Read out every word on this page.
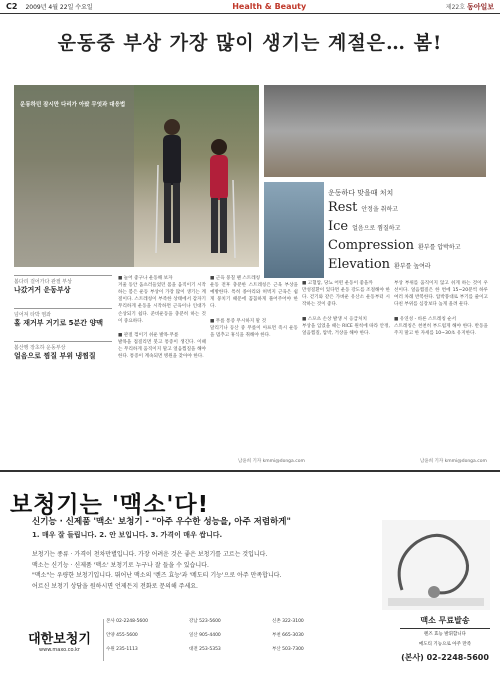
C2 2009년 4월 22일 수요일	Health & Beauty	제22호 동아일보
운동중 부상 가장 많이 생기는 계절은… 봄!
운동하던 잠시만 다리가 아팠 무엇과 대응법
봄다리 걸어가다 관절 부상
나갔거거 운동부상
넘어져 타박 염좌
홀 재거부 거기로 5분간 양맥
봄산행 장초하 운동부상
얼음으로 찜질 부위 냉찜질
■ 늘어 좋구나 운동해 보자
겨울 동안 움츠러들었던 몸을 움직이기 시작하는 봄은 운동 부상이 가장 많이 생기는 계절이다. 스트레칭이 부족한 상태에서 갑자기 무리하게 운동을 시작하면 근육이나 인대가 손상되기 쉽다. 준비운동을 충분히 하는 것이 중요하다.

■ 관절 꺾이기 쉬운 발목·무릎
발목을 접질리면 붓고 통증이 생긴다. 이때는 무리하게 움직이지 말고 얼음찜질을 해야 한다. 통증이 계속되면 병원을 찾아야 한다.
■ 근육 뭉칠 땐 스트레칭
운동 전후 충분한 스트레칭은 근육 부상을 예방한다. 특히 종아리와 허벅지 근육은 쉽게 뭉치기 때문에 꼼꼼하게 풀어주어야 한다.

■ 무릎 통증 무시하지 말 것
달리기나 등산 중 무릎이 아프면 즉시 운동을 멈추고 휴식을 취해야 한다.
■ 고혈압, 당뇨 어떤 운동이 좋을까
만성질환이 있다면 운동 강도를 조절해야 한다. 걷기와 같은 가벼운 유산소 운동부터 시작하는 것이 좋다.

■ 스포츠 손상 발생 시 응급처치
부상을 입었을 때는 RICE 원칙에 따라 안정, 얼음찜질, 압박, 거상을 해야 한다.
부상 부위를 움직이지 않고 쉬게 하는 것이 우선이다. 얼음찜질은 한 번에 15~20분씩 하루 여러 차례 반복한다. 압박붕대로 부기를 줄이고 다친 부위를 심장보다 높게 올려 둔다.

■ 유연성 - 바른 스트레칭 순서
스트레칭은 천천히 부드럽게 해야 한다. 반동을 주지 말고 한 자세를 10~30초 유지한다.
남윤희 기자 kmmi@donga.com	남윤희 기자 kmmi@donga.com
운동하다 맞을때 처치
Rest 안정을 취하고
Ice 얼음으로 찜질하고
Compression 환부를 압박하고
Elevation 환부를 높여라
보청기는 '맥소'다!
신기능 · 신제품 '맥소' 보청기 - "아주 우수한 성능을, 아주 저렴하게"
1. 매우 잘 들립니다. 2. 안 보입니다. 3. 가격이 매우 쌉니다.
보청기는 종류 · 가격이 천차만별입니다. 가장 어려운 것은 좋은 보청기를 고르는 것입니다.
맥소는 신기능 · 신제품 '맥소' 보청기로 누구나 잘 들을 수 있습니다.
"맥소"는 우량한 보청기입니다. 뛰어난 맥소의 '렌즈 효능'과 '메도티 기능'으로 아주 만족합니다.
어르신 보청기 상담을 원하시면 언제든지 전화로 문의해 주세요.
대한보청기
www.maxo.co.kr
본사 02-2248-5600	강남 523-5600	신촌 322-3100
안양 455-5600	일산 905-4400	부천 665-3030
수원 235-1113	대전 253-5353	부산 503-7300
맥소 무료발송
렌즈 효능 발휘합니다
메도티 기능으로 아주 만족
(본사) 02-2248-5600
